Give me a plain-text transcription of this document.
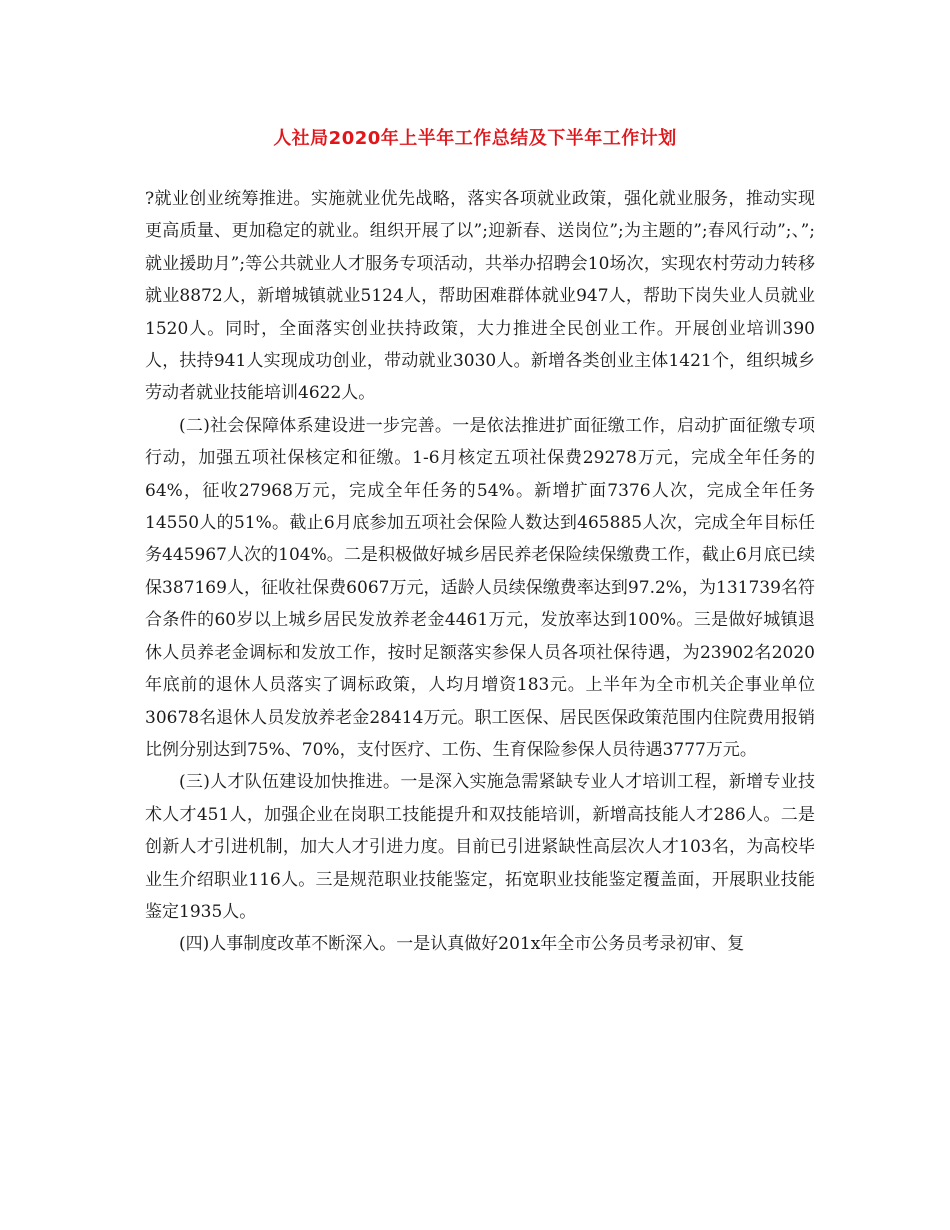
人社局2020年上半年工作总结及下半年工作计划

?就业创业统筹推进。实施就业优先战略，落实各项就业政策，强化就业服务，推动实现更高质量、更加稳定的就业。组织开展了以”;迎新春、送岗位”;为主题的”;春风行动”;、”;就业援助月”;等公共就业人才服务专项活动，共举办招聘会10场次，实现农村劳动力转移就业8872人，新增城镇就业5124人，帮助困难群体就业947人，帮助下岗失业人员就业1520人。同时，全面落实创业扶持政策，大力推进全民创业工作。开展创业培训390人，扶持941人实现成功创业，带动就业3030人。新增各类创业主体1421个，组织城乡劳动者就业技能培训4622人。

(二)社会保障体系建设进一步完善。一是依法推进扩面征缴工作，启动扩面征缴专项行动，加强五项社保核定和征缴。1-6月核定五项社保费29278万元，完成全年任务的64%，征收27968万元，完成全年任务的54%。新增扩面7376人次，完成全年任务14550人的51%。截止6月底参加五项社会保险人数达到465885人次，完成全年目标任务445967人次的104%。二是积极做好城乡居民养老保险续保缴费工作，截止6月底已续保387169人，征收社保费6067万元，适龄人员续保缴费率达到97.2%，为131739名符合条件的60岁以上城乡居民发放养老金4461万元，发放率达到100%。三是做好城镇退休人员养老金调标和发放工作，按时足额落实参保人员各项社保待遇，为23902名2020年底前的退休人员落实了调标政策，人均月增资183元。上半年为全市机关企事业单位30678名退休人员发放养老金28414万元。职工医保、居民医保政策范围内住院费用报销比例分别达到75%、70%，支付医疗、工伤、生育保险参保人员待遇3777万元。

(三)人才队伍建设加快推进。一是深入实施急需紧缺专业人才培训工程，新增专业技术人才451人，加强企业在岗职工技能提升和双技能培训，新增高技能人才286人。二是创新人才引进机制，加大人才引进力度。目前已引进紧缺性高层次人才103名，为高校毕业生介绍职业116人。三是规范职业技能鉴定，拓宽职业技能鉴定覆盖面，开展职业技能鉴定1935人。

(四)人事制度改革不断深入。一是认真做好201x年全市公务员考录初审、复
